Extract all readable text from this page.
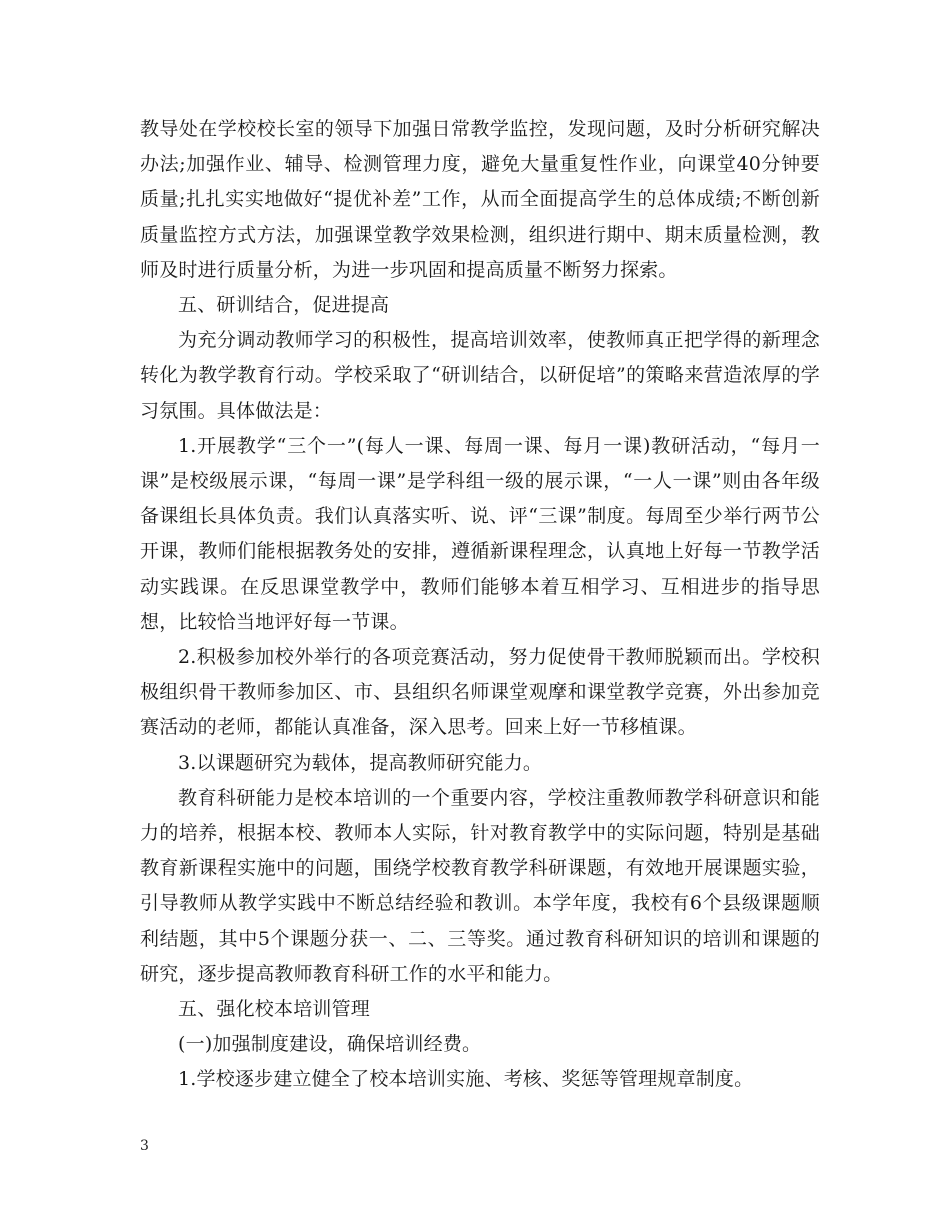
教导处在学校校长室的领导下加强日常教学监控，发现问题，及时分析研究解决办法;加强作业、辅导、检测管理力度，避免大量重复性作业，向课堂40分钟要质量;扎扎实实地做好“提优补差”工作，从而全面提高学生的总体成绩;不断创新质量监控方式方法，加强课堂教学效果检测，组织进行期中、期末质量检测，教师及时进行质量分析，为进一步巩固和提高质量不断努力探索。

五、研训结合，促进提高

为充分调动教师学习的积极性，提高培训效率，使教师真正把学得的新理念转化为教学教育行动。学校采取了“研训结合，以研促培”的策略来营造浓厚的学习氛围。具体做法是：

1.开展教学“三个一”(每人一课、每周一课、每月一课)教研活动，“每月一课”是校级展示课，“每周一课”是学科组一级的展示课，“一人一课”则由各年级备课组长具体负责。我们认真落实听、说、评“三课”制度。每周至少举行两节公开课，教师们能根据教务处的安排，遵循新课程理念，认真地上好每一节教学活动实践课。在反思课堂教学中，教师们能够本着互相学习、互相进步的指导思想，比较恰当地评好每一节课。

2.积极参加校外举行的各项竞赛活动，努力促使骨干教师脱颖而出。学校积极组织骨干教师参加区、市、县组织名师课堂观摩和课堂教学竞赛，外出参加竞赛活动的老师，都能认真准备，深入思考。回来上好一节移植课。

3.以课题研究为载体，提高教师研究能力。

教育科研能力是校本培训的一个重要内容，学校注重教师教学科研意识和能力的培养，根据本校、教师本人实际，针对教育教学中的实际问题，特别是基础教育新课程实施中的问题，围绕学校教育教学科研课题，有效地开展课题实验，引导教师从教学实践中不断总结经验和教训。本学年度，我校有6个县级课题顺利结题，其中5个课题分获一、二、三等奖。通过教育科研知识的培训和课题的研究，逐步提高教师教育科研工作的水平和能力。

五、强化校本培训管理

(一)加强制度建设，确保培训经费。

1.学校逐步建立健全了校本培训实施、考核、奖惩等管理规章制度。

3
